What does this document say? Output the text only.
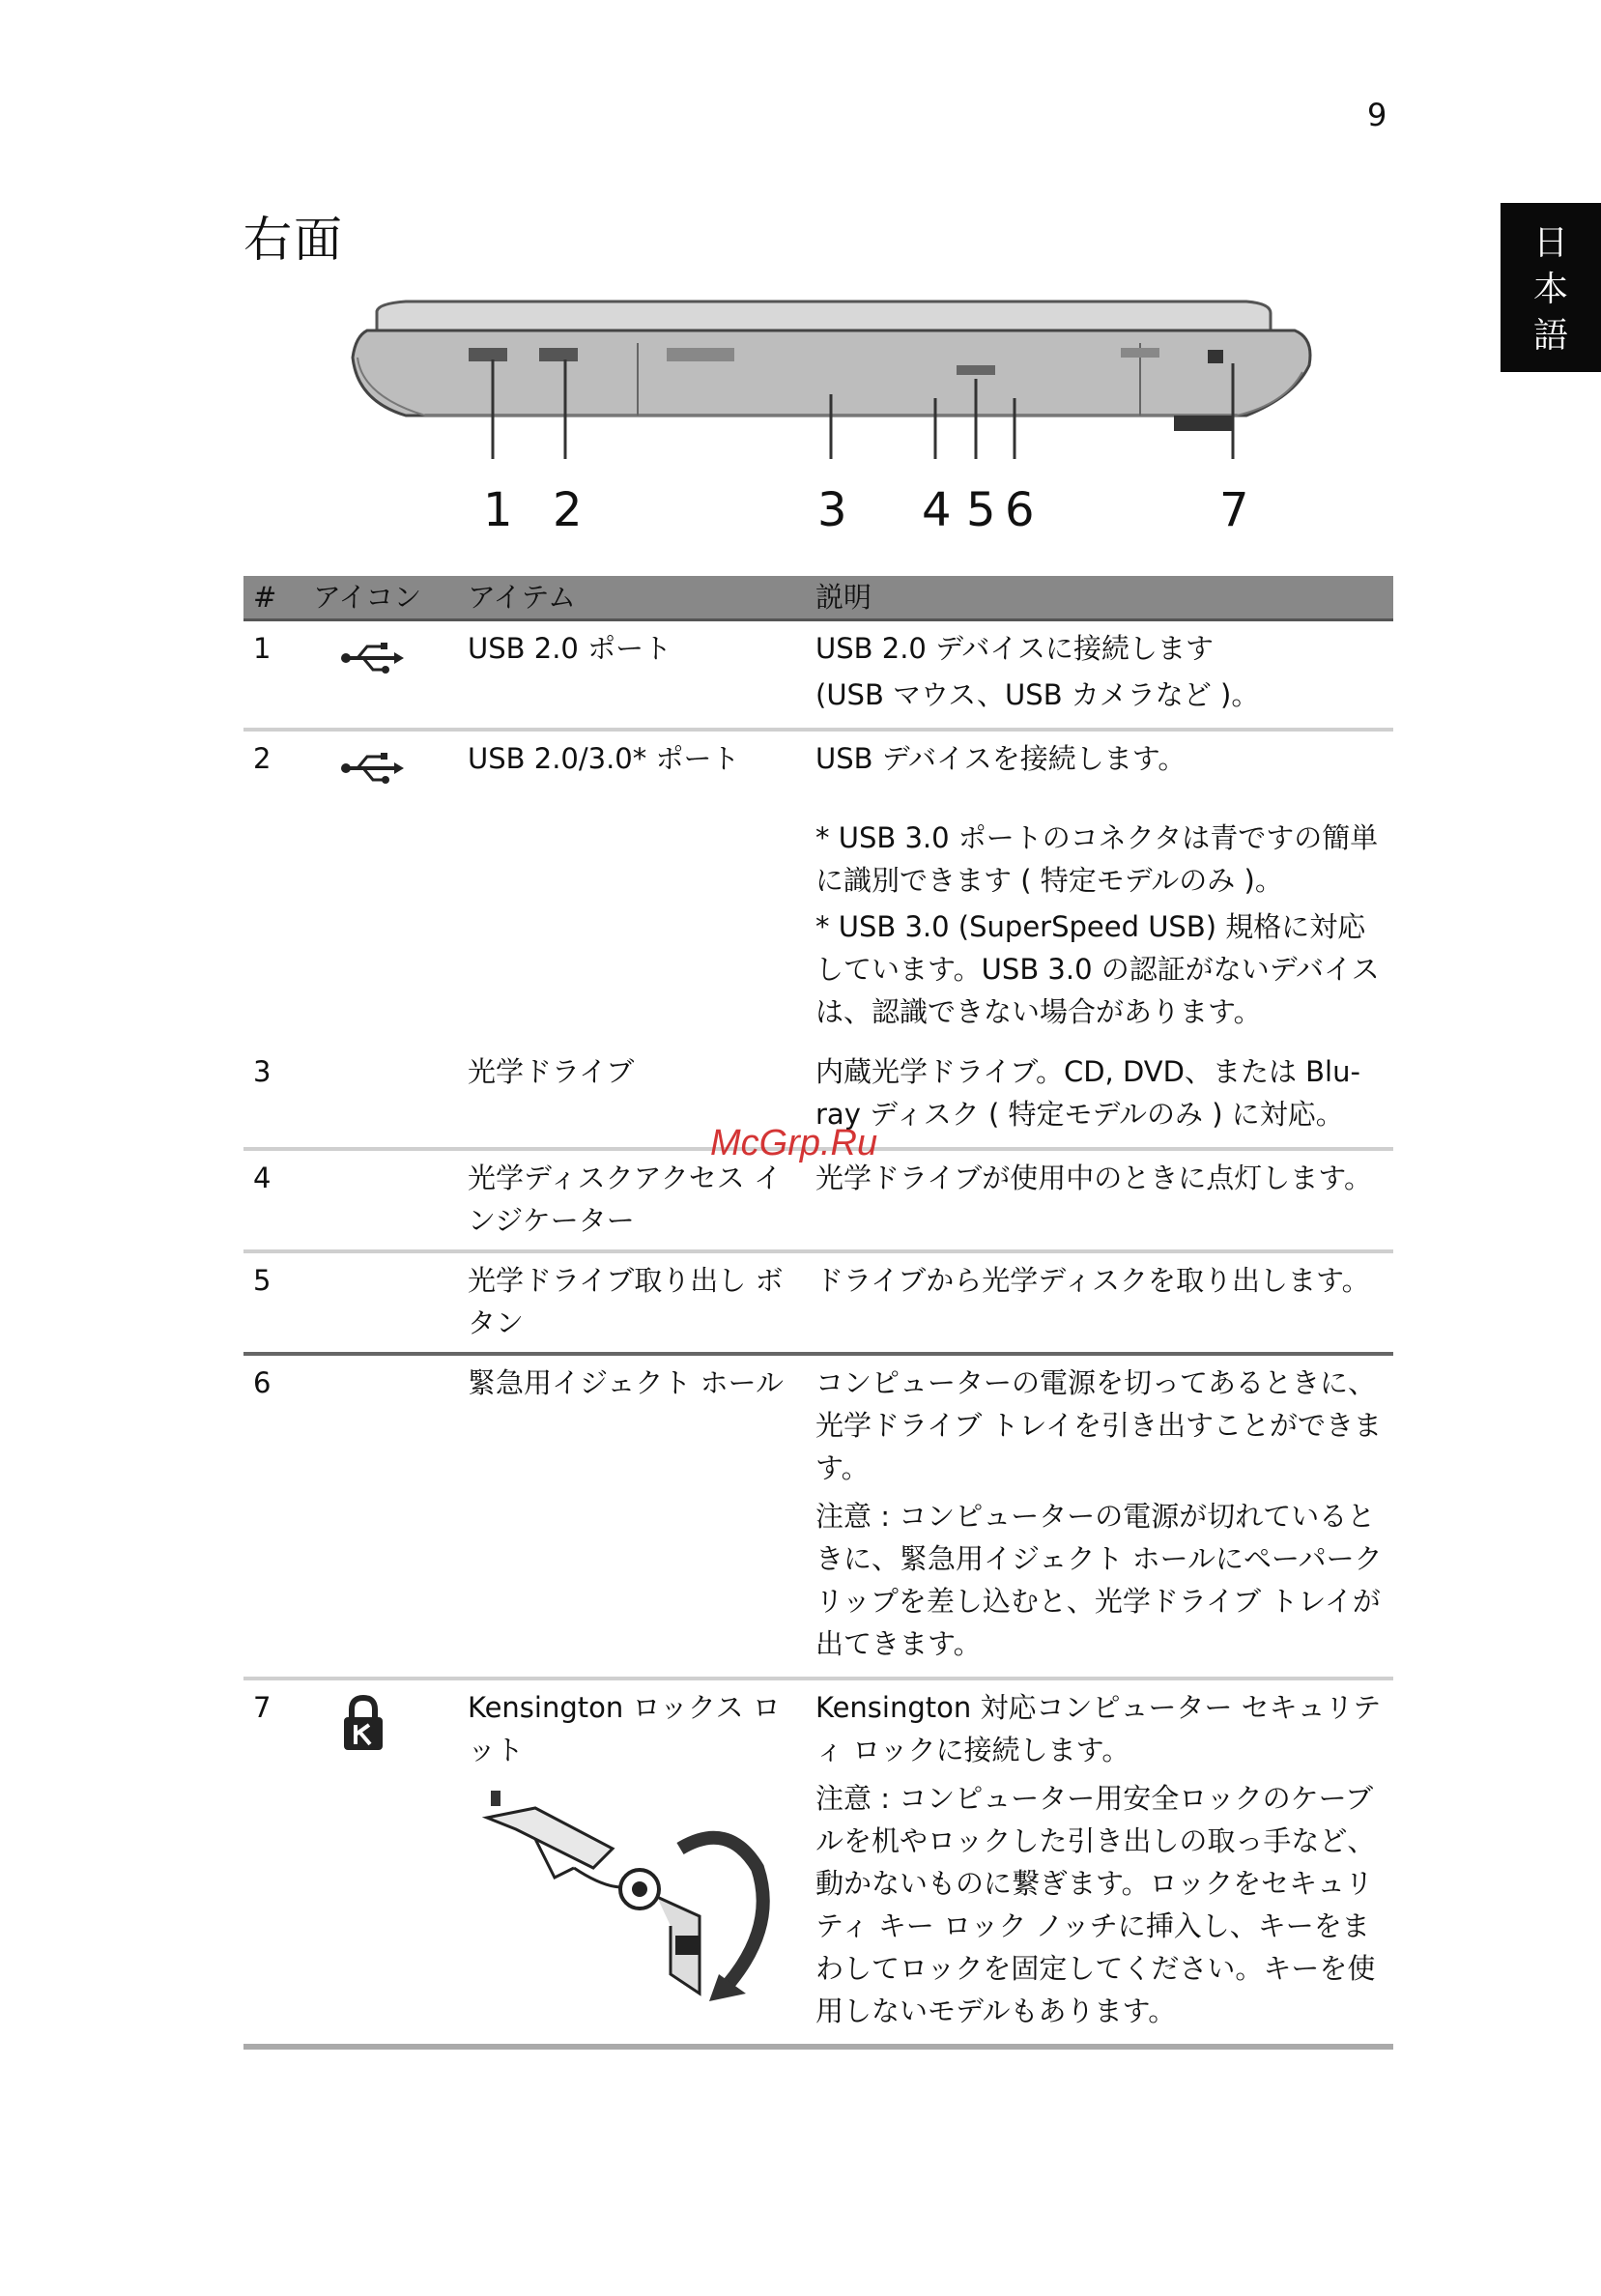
9
日
本
語
右面
1 2	3 4 5 6	7
#	アイコン	アイテム	説明
1		USB 2.0 ポート	USB 2.0 デバイスに接続します

(USB マウス、USB カメラなど )。

2		USB 2.0/3.0* ポート	USB デバイスを接続します。

* USB 3.0 ポートのコネクタは青ですの簡単に識別できます ( 特定モデルのみ )。

* USB 3.0 (SuperSpeed USB) 規格に対応しています。USB 3.0 の認証がないデバイスは、認識できない場合があります。

3		光学ドライブ	内蔵光学ドライブ。CD, DVD、または Blu-ray ディスク ( 特定モデルのみ ) に対応。

4		光学ディスクアクセス インジケーター	光学ドライブが使用中のときに点灯します。

5		光学ドライブ取り出し ボタン	ドライブから光学ディスクを取り出します。

6		緊急用イジェクト ホール	コンピューターの電源を切ってあるときに、光学ドライブ トレイを引き出すことができます。

注意 : コンピューターの電源が切れているときに、緊急用イジェクト ホールにペーパークリップを差し込むと、光学ドライブ トレイが出てきます。

7		Kensington ロックス ロット	Kensington 対応コンピューター セキュリティ ロックに接続します。

注意 : コンピューター用安全ロックのケーブルを机やロックした引き出しの取っ手など、動かないものに繋ぎます。ロックをセキュリティ キー ロック ノッチに挿入し、キーをまわしてロックを固定してください。キーを使用しないモデルもあります。

McGrp.Ru
